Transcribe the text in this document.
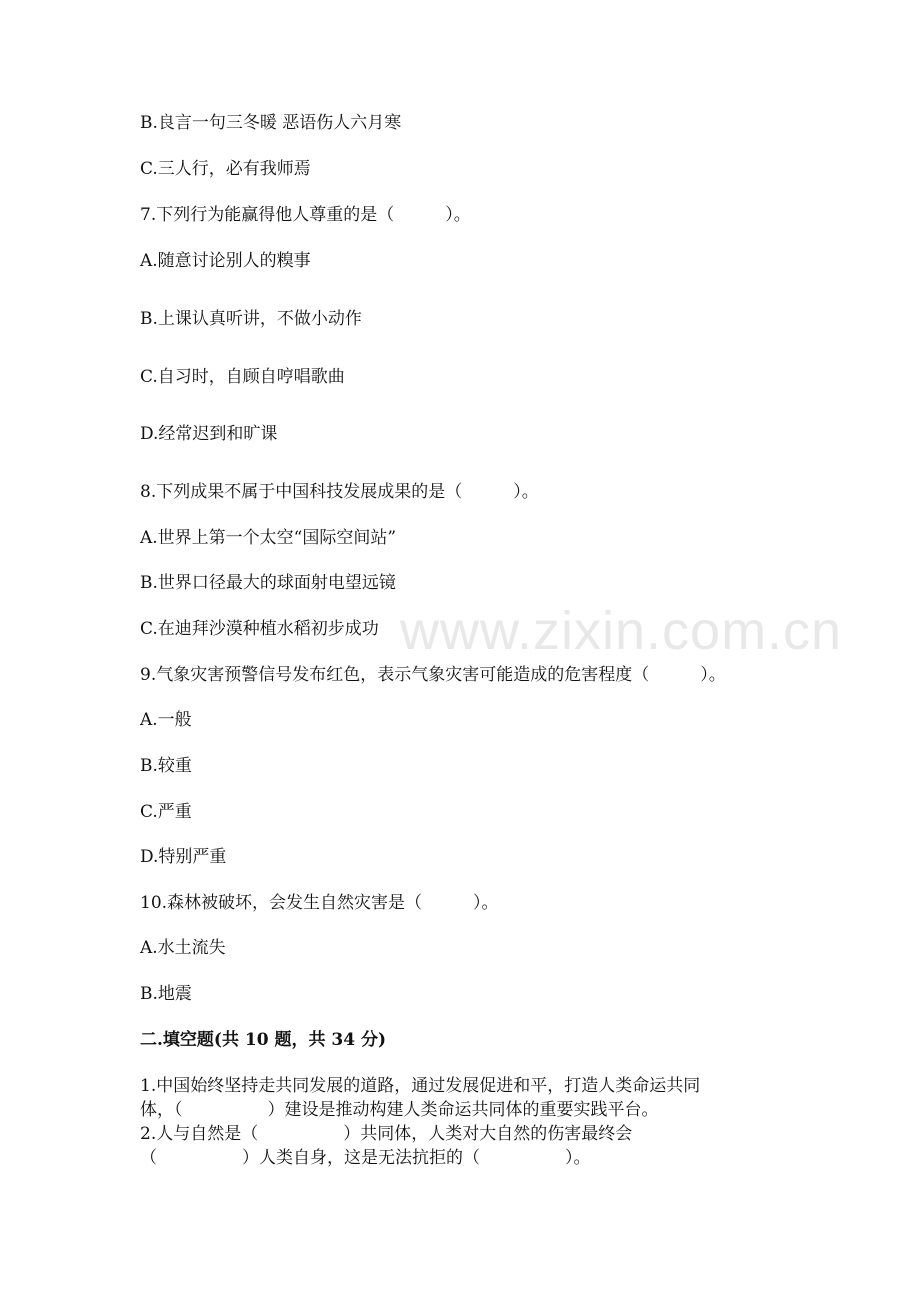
www.zixin.com.cn
B.良言一句三冬暖 恶语伤人六月寒
C.三人行，必有我师焉
7.下列行为能赢得他人尊重的是（　　　）。
A.随意讨论别人的糗事
B.上课认真听讲，不做小动作
C.自习时，自顾自哼唱歌曲
D.经常迟到和旷课
8.下列成果不属于中国科技发展成果的是（　　　）。
A.世界上第一个太空“国际空间站”
B.世界口径最大的球面射电望远镜
C.在迪拜沙漠种植水稻初步成功
9.气象灾害预警信号发布红色，表示气象灾害可能造成的危害程度（　　　）。
A.一般
B.较重
C.严重
D.特别严重
10.森林被破坏，会发生自然灾害是（　　　）。
A.水土流失
B.地震
二.填空题(共 10 题，共 34 分)
1.中国始终坚持走共同发展的道路，通过发展促进和平，打造人类命运共同
体，（　　　　　）建设是推动构建人类命运共同体的重要实践平台。
2.人与自然是（　　　　　）共同体，人类对大自然的伤害最终会
（　　　　　）人类自身，这是无法抗拒的（　　　　　）。
